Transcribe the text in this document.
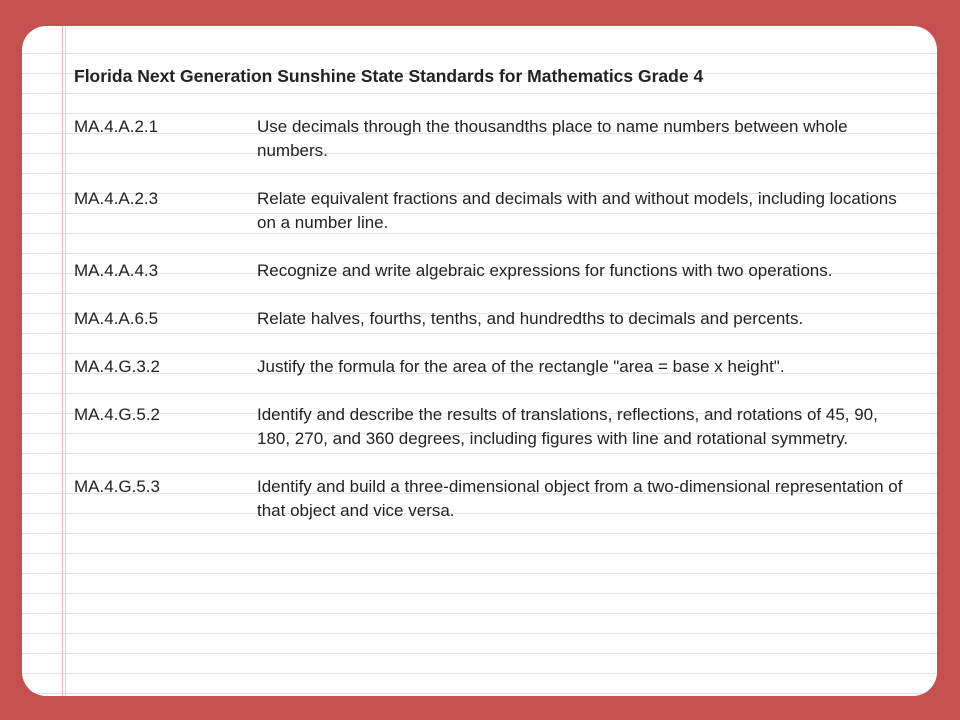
Florida Next Generation Sunshine State Standards for Mathematics Grade 4
MA.4.A.2.1	Use decimals through the thousandths place to name numbers between whole numbers.
MA.4.A.2.3	Relate equivalent fractions and decimals with and without models, including locations on a number line.
MA.4.A.4.3	Recognize and write algebraic expressions for functions with two operations.
MA.4.A.6.5	Relate halves, fourths, tenths, and hundredths to decimals and percents.
MA.4.G.3.2	Justify the formula for the area of the rectangle "area = base x height".
MA.4.G.5.2	Identify and describe the results of translations, reflections, and rotations of 45, 90, 180, 270, and 360 degrees, including figures with line and rotational symmetry.
MA.4.G.5.3	Identify and build a three-dimensional object from a two-dimensional representation of that object and vice versa.
